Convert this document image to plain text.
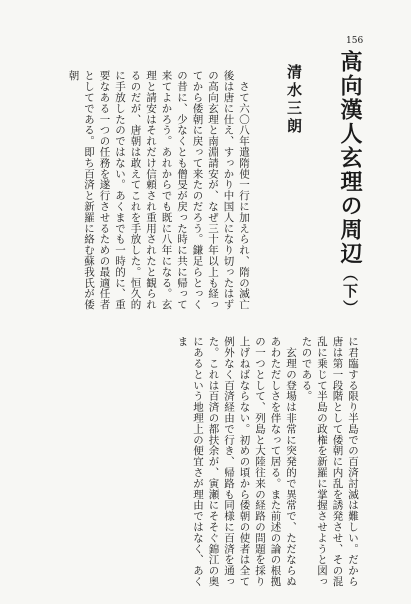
156
高向漢人玄理の周辺（下）
清水三朗

　さて六〇八年遣隋使一行に加えられ、隋の滅亡後は唐に仕え、すっかり中国人になり切ったはずの高向玄理と南淵請安が、なぜ三十年以上も経ってから倭朝に戻って来たのだろう。鎌足らとっくの昔に、少なくとも僧旻が戻った時に共に帰って来てよかろう。あれからでも既に八年になる。玄理と請安はそれだけ信頼され重用されたと観られるのだが、唐朝は敢えてこれを手放した。恒久的に手放したのではない。あくまでも一時的に、重要なある一つの任務を遂行させるための最適任者としてである。即ち百済と新羅に絡む蘇我氏が倭朝

に君臨する限り半島での百済討滅は難しい。だから唐は第一段階として倭朝に内乱を誘発させ、その混乱に乗じて半島の政権を新羅に掌握させようと図ったのである。

　玄理の登場は非常に突発的で異常で、ただならぬあわただしさを伴なって居る。また前述の論の根拠の一つとして、列島と大陸往来の経路の問題を採り上げねばならない。初めの頃から倭朝の使者は全て例外なく百済経由で行き、帰路も同様に百済を通った。これは百済の都扶余が、寅瀬にそそぐ錦江の奥にあるという地理上の便宜さが理由ではなく、あくま
